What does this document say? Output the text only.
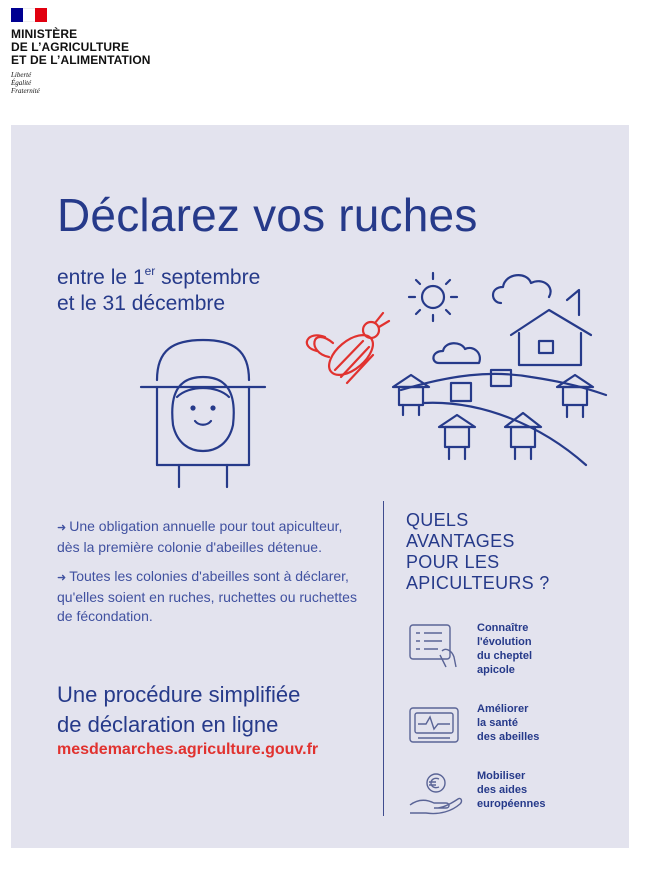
MINISTÈRE
DE L’AGRICULTURE
ET DE L’ALIMENTATION
Liberté
Égalité
Fraternité
Déclarez vos ruches
entre le 1er septembre
et le 31 décembre

➜ Une obligation annuelle pour tout apiculteur, dès la première colonie d'abeilles détenue.

➜ Toutes les colonies d'abeilles sont à déclarer, qu'elles soient en ruches, ruchettes ou ruchettes de fécondation.

Une procédure simplifiée
de déclaration en ligne
mesdemarches.agriculture.gouv.fr
QUELS
AVANTAGES
POUR LES
APICULTEURS ?
Connaître
l'évolution
du cheptel
apicole
Améliorer
la santé
des abeilles
Mobiliser
des aides
européennes
